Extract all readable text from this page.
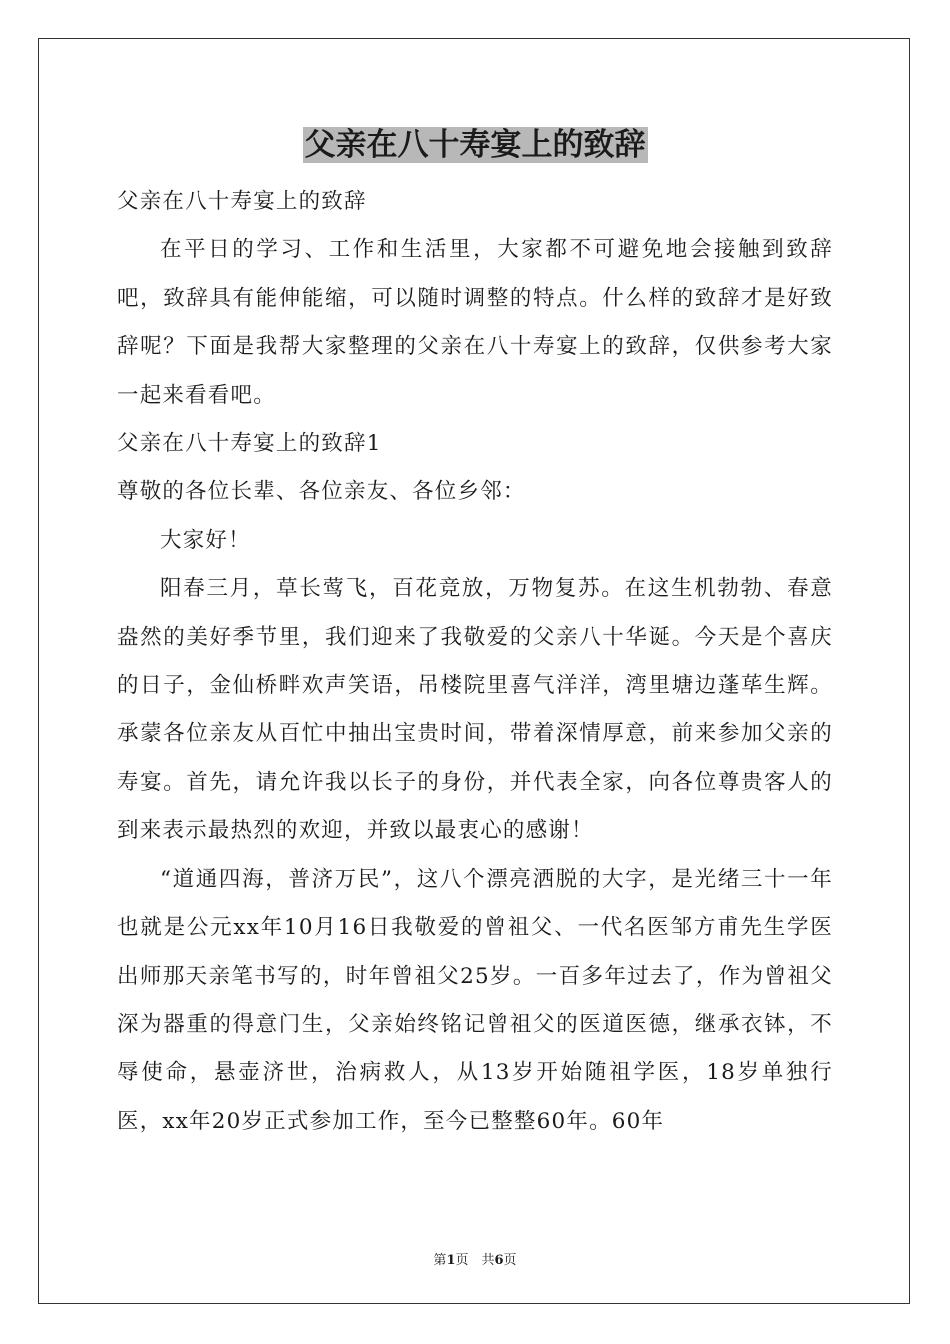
父亲在八十寿宴上的致辞

父亲在八十寿宴上的致辞

在平日的学习、工作和生活里，大家都不可避免地会接触到致辞吧，致辞具有能伸能缩，可以随时调整的特点。什么样的致辞才是好致辞呢？下面是我帮大家整理的父亲在八十寿宴上的致辞，仅供参考大家一起来看看吧。

父亲在八十寿宴上的致辞1

尊敬的各位长辈、各位亲友、各位乡邻：

大家好！

阳春三月，草长莺飞，百花竞放，万物复苏。在这生机勃勃、春意盎然的美好季节里，我们迎来了我敬爱的父亲八十华诞。今天是个喜庆的日子，金仙桥畔欢声笑语，吊楼院里喜气洋洋，湾里塘边蓬荜生辉。承蒙各位亲友从百忙中抽出宝贵时间，带着深情厚意，前来参加父亲的寿宴。首先，请允许我以长子的身份，并代表全家，向各位尊贵客人的到来表示最热烈的欢迎，并致以最衷心的感谢！

“道通四海，普济万民”，这八个漂亮洒脱的大字，是光绪三十一年也就是公元xx年10月16日我敬爱的曾祖父、一代名医邹方甫先生学医出师那天亲笔书写的，时年曾祖父25岁。一百多年过去了，作为曾祖父深为器重的得意门生，父亲始终铭记曾祖父的医道医德，继承衣钵，不辱使命，悬壶济世，治病救人，从13岁开始随祖学医，18岁单独行医，xx年20岁正式参加工作，至今已整整60年。60年

第1页　共6页
